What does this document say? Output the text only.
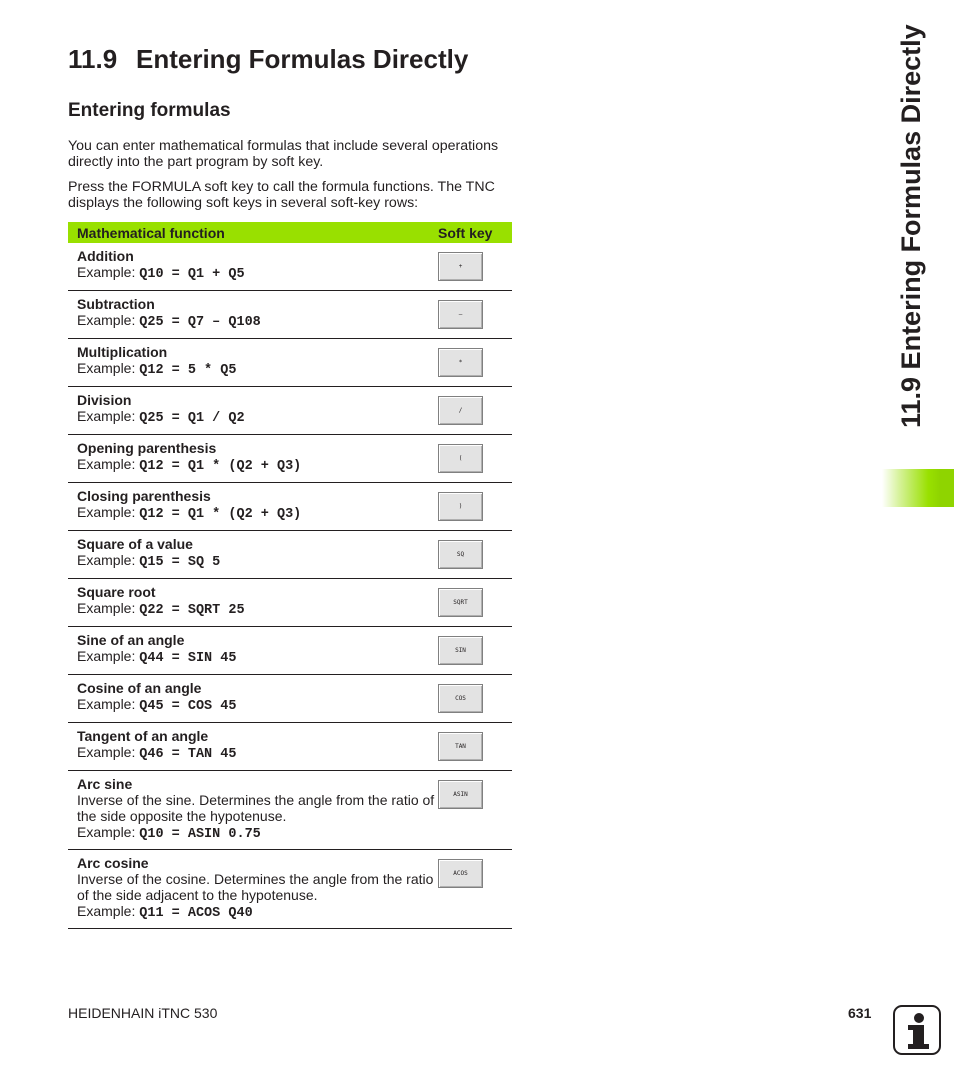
11.9 Entering Formulas Directly
Entering formulas

You can enter mathematical formulas that include several operations directly into the part program by soft key.

Press the FORMULA soft key to call the formula functions. The TNC displays the following soft keys in several soft-key rows:

Mathematical function	Soft key

Addition
Example: Q10 = Q1 + Q5	+

Subtraction
Example: Q25 = Q7 – Q108	–

Multiplication
Example: Q12 = 5 * Q5	*

Division
Example: Q25 = Q1 / Q2	/

Opening parenthesis
Example: Q12 = Q1 * (Q2 + Q3)	(

Closing parenthesis
Example: Q12 = Q1 * (Q2 + Q3)	)

Square of a value
Example: Q15 = SQ 5	SQ

Square root
Example: Q22 = SQRT 25	SQRT

Sine of an angle
Example: Q44 = SIN 45	SIN

Cosine of an angle
Example: Q45 = COS 45	COS

Tangent of an angle
Example: Q46 = TAN 45	TAN

Arc sine
Inverse of the sine. Determines the angle from the ratio of the side opposite the hypotenuse.
Example: Q10 = ASIN 0.75	ASIN

Arc cosine
Inverse of the cosine. Determines the angle from the ratio of the side adjacent to the hypotenuse.
Example: Q11 = ACOS Q40	ACOS
11.9 Entering Formulas Directly
HEIDENHAIN iTNC 530	631
